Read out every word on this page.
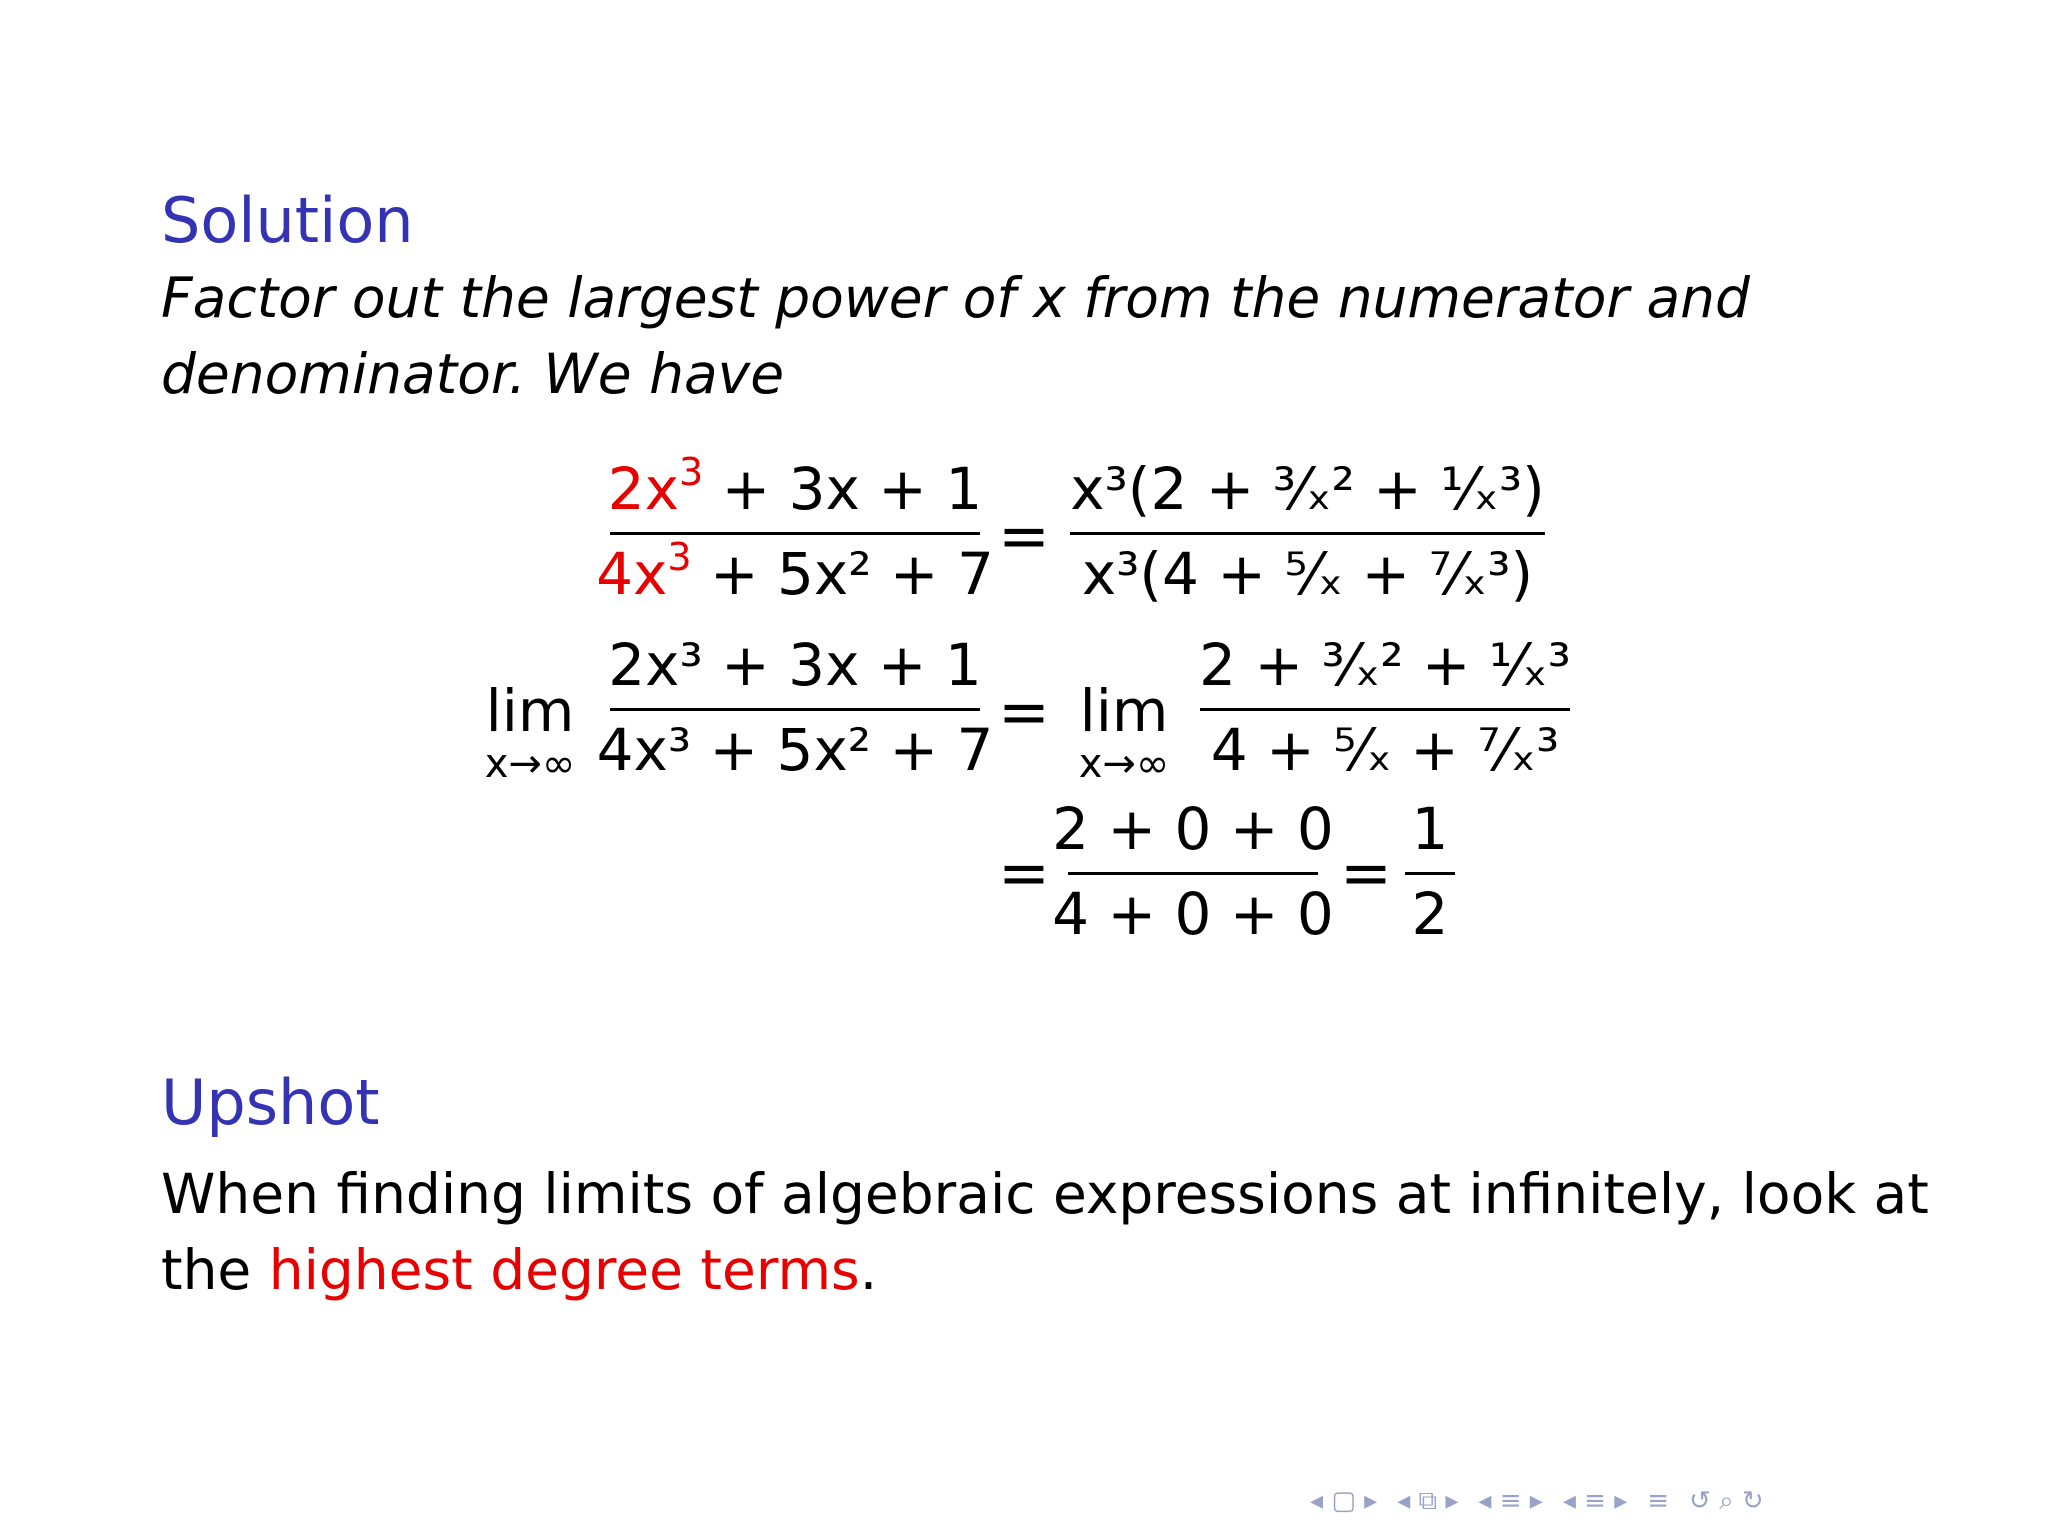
Solution
Factor out the largest power of x from the numerator and
denominator. We have
$2x^3 + 3x + 1$
$4x^3 + 5x^2 + 7$
=
x³(2 + ³⁄ₓ² + ¹⁄ₓ³)
x³(4 + ⁵⁄ₓ + ⁷⁄ₓ³)
lim
x→∞
2x³ + 3x + 1
4x³ + 5x² + 7
= lim
x→∞
2 + ³⁄ₓ² + ¹⁄ₓ³
4 + ⁵⁄ₓ + ⁷⁄ₓ³
=
2 + 0 + 0
4 + 0 + 0
=
1
2
Upshot
When finding limits of algebraic expressions at infinitely, look at
the highest degree terms.
◂ ▢ ▸ ◂ ⧉ ▸ ◂ ≡ ▸ ◂ ≡ ▸ ≡ ↺ ⌕ ↻
